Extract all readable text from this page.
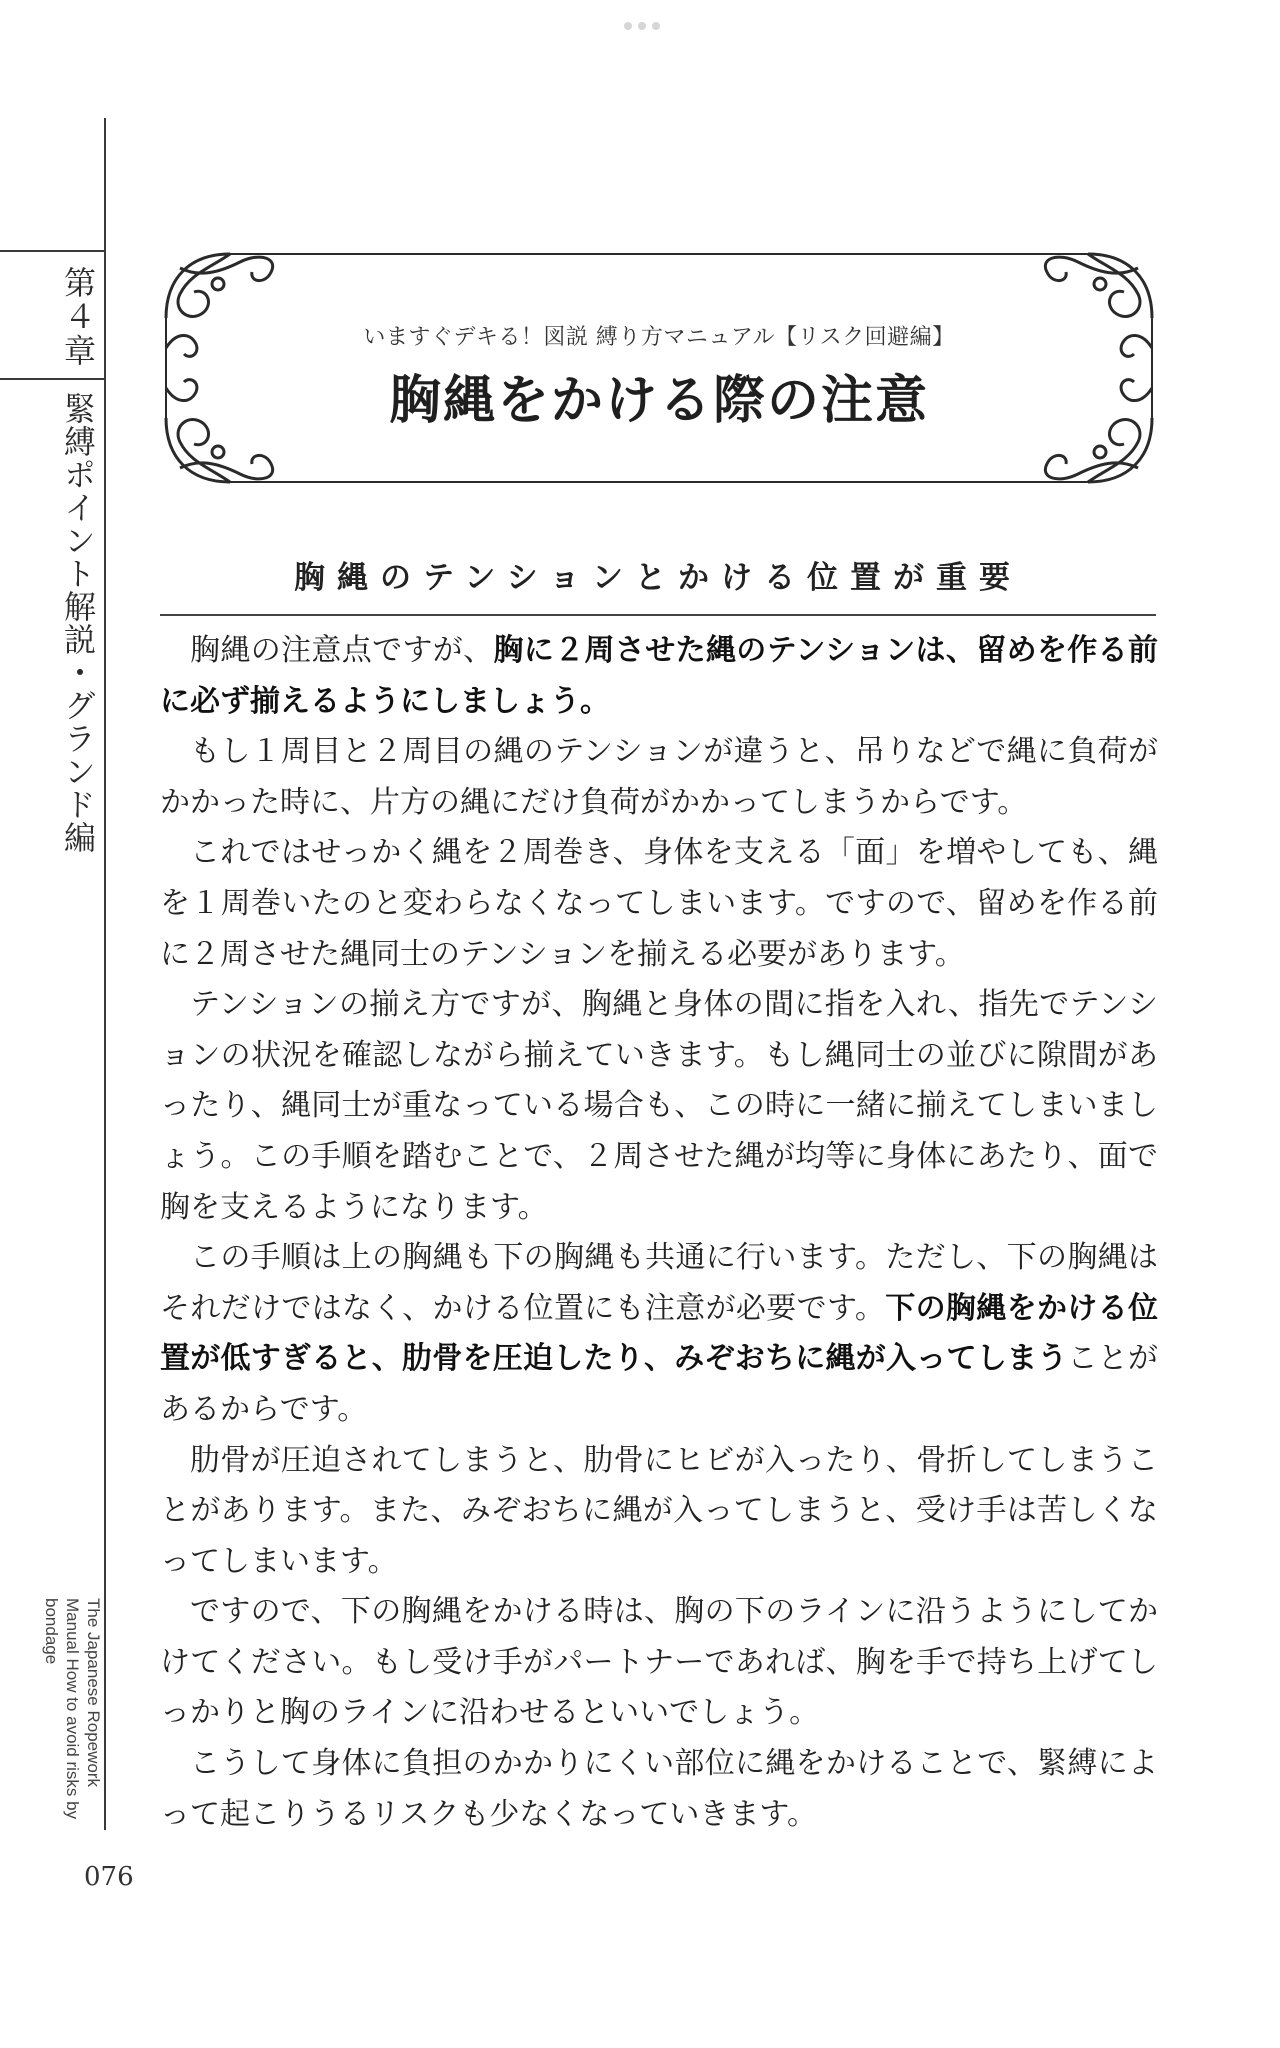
第４章
緊縛ポイント解説・グランド編
The Japanese Ropework Manual How to avoid risks by bondage
076
いますぐデキる！図説 縛り方マニュアル【リスク回避編】
胸縄をかける際の注意
胸縄のテンションとかける位置が重要

胸縄の注意点ですが、胸に２周させた縄のテンションは、留めを作る前に必ず揃えるようにしましょう。

もし１周目と２周目の縄のテンションが違うと、吊りなどで縄に負荷がかかった時に、片方の縄にだけ負荷がかかってしまうからです。

これではせっかく縄を２周巻き、身体を支える「面」を増やしても、縄を１周巻いたのと変わらなくなってしまいます。ですので、留めを作る前に２周させた縄同士のテンションを揃える必要があります。

テンションの揃え方ですが、胸縄と身体の間に指を入れ、指先でテンションの状況を確認しながら揃えていきます。もし縄同士の並びに隙間があったり、縄同士が重なっている場合も、この時に一緒に揃えてしまいましょう。この手順を踏むことで、２周させた縄が均等に身体にあたり、面で胸を支えるようになります。

この手順は上の胸縄も下の胸縄も共通に行います。ただし、下の胸縄はそれだけではなく、かける位置にも注意が必要です。下の胸縄をかける位置が低すぎると、肋骨を圧迫したり、みぞおちに縄が入ってしまうことがあるからです。

肋骨が圧迫されてしまうと、肋骨にヒビが入ったり、骨折してしまうことがあります。また、みぞおちに縄が入ってしまうと、受け手は苦しくなってしまいます。

ですので、下の胸縄をかける時は、胸の下のラインに沿うようにしてかけてください。もし受け手がパートナーであれば、胸を手で持ち上げてしっかりと胸のラインに沿わせるといいでしょう。

こうして身体に負担のかかりにくい部位に縄をかけることで、緊縛によって起こりうるリスクも少なくなっていきます。
